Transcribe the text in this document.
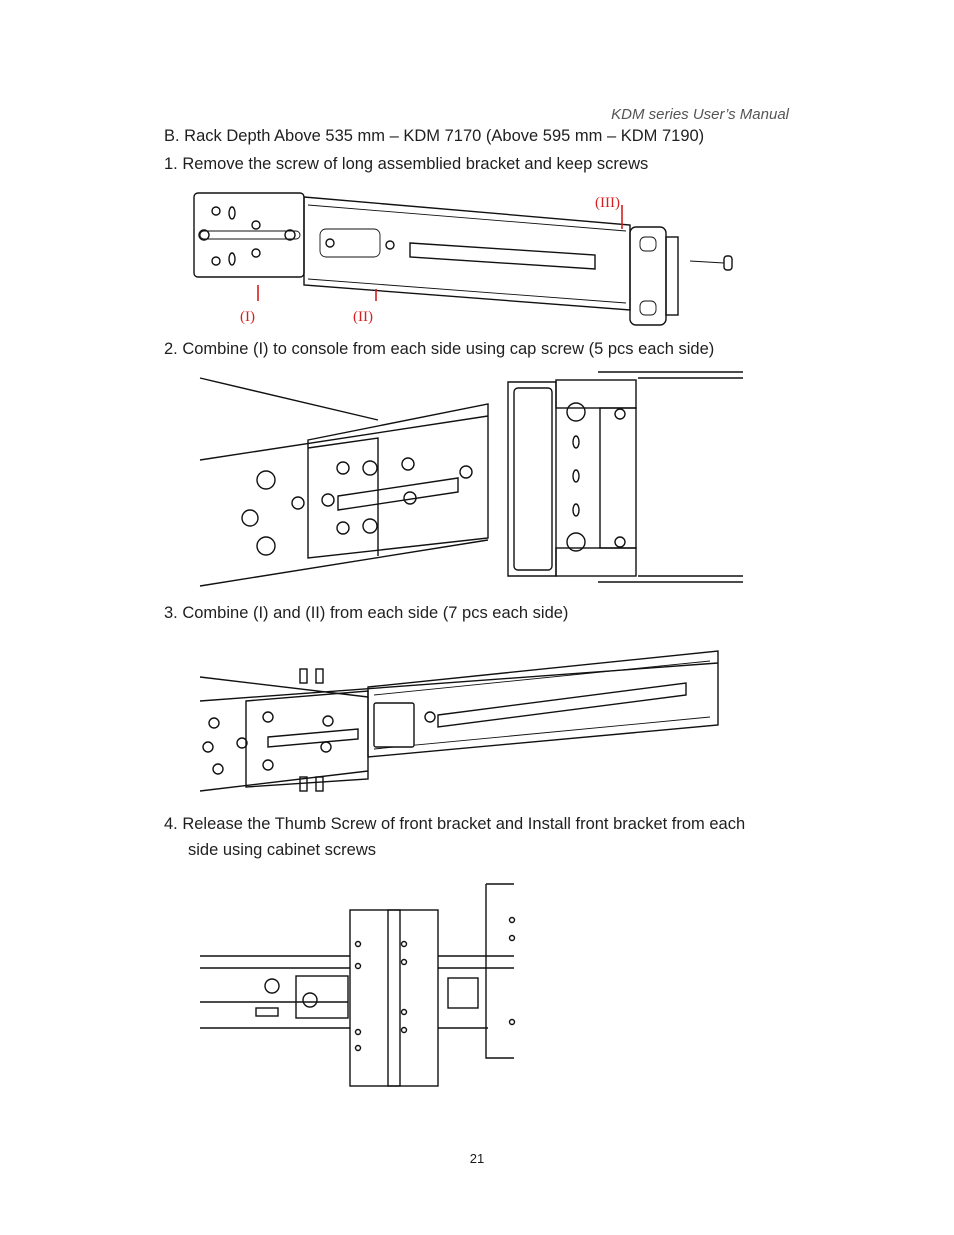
KDM series User’s Manual
B. Rack Depth Above 535 mm – KDM 7170 (Above 595 mm – KDM 7190)
1. Remove the screw of long assemblied bracket and keep screws
(I)	(II)
(III)
2. Combine (I) to console from each side using cap screw (5 pcs each side)
3. Combine (I) and (II) from each side (7 pcs each side)
4. Release the Thumb Screw of front bracket and Install front bracket from each
side using cabinet screws
21
